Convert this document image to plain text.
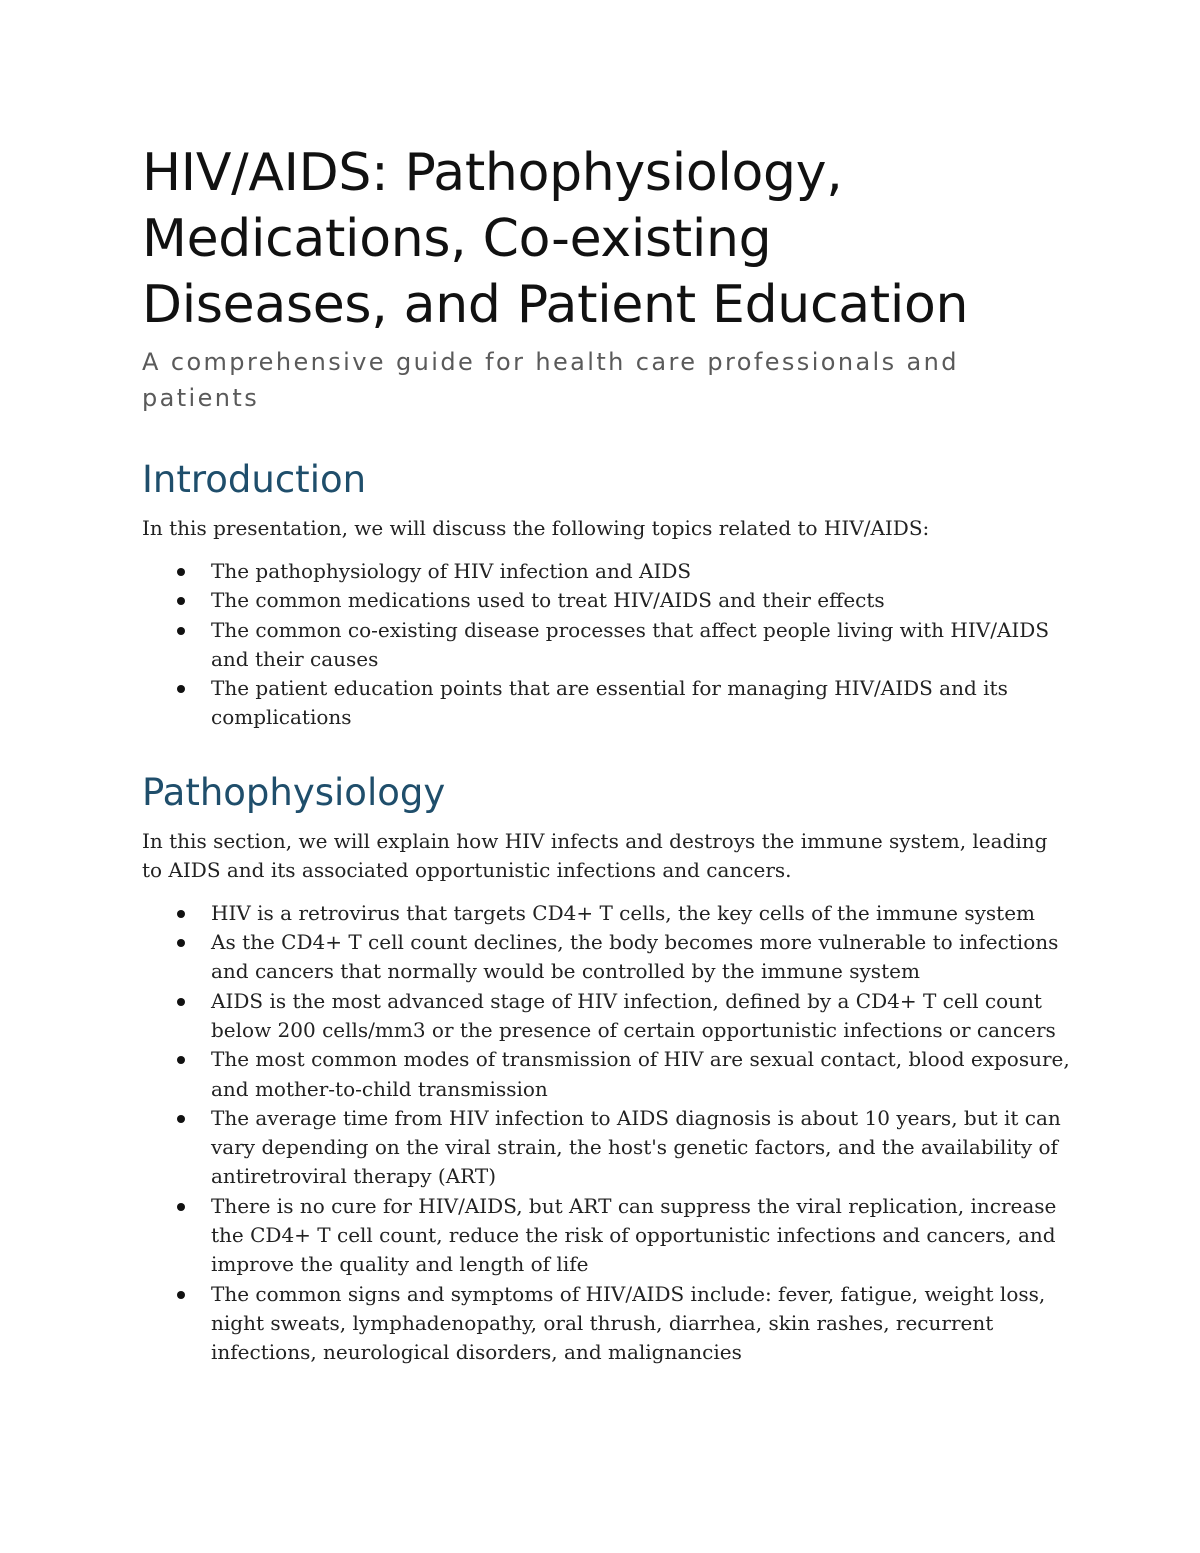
HIV/AIDS: Pathophysiology,
Medications, Co-existing
Diseases, and Patient Education

A comprehensive guide for health care professionals and patients

Introduction

In this presentation, we will discuss the following topics related to HIV/AIDS:

The pathophysiology of HIV infection and AIDS
The common medications used to treat HIV/AIDS and their effects
The common co-existing disease processes that affect people living with HIV/AIDS and their causes
The patient education points that are essential for managing HIV/AIDS and its complications
Pathophysiology

In this section, we will explain how HIV infects and destroys the immune system, leading to AIDS and its associated opportunistic infections and cancers.

HIV is a retrovirus that targets CD4+ T cells, the key cells of the immune system
As the CD4+ T cell count declines, the body becomes more vulnerable to infections and cancers that normally would be controlled by the immune system
AIDS is the most advanced stage of HIV infection, defined by a CD4+ T cell count below 200 cells/mm3 or the presence of certain opportunistic infections or cancers
The most common modes of transmission of HIV are sexual contact, blood exposure, and mother-to-child transmission
The average time from HIV infection to AIDS diagnosis is about 10 years, but it can vary depending on the viral strain, the host's genetic factors, and the availability of antiretroviral therapy (ART)
There is no cure for HIV/AIDS, but ART can suppress the viral replication, increase the CD4+ T cell count, reduce the risk of opportunistic infections and cancers, and improve the quality and length of life
The common signs and symptoms of HIV/AIDS include: fever, fatigue, weight loss, night sweats, lymphadenopathy, oral thrush, diarrhea, skin rashes, recurrent infections, neurological disorders, and malignancies
